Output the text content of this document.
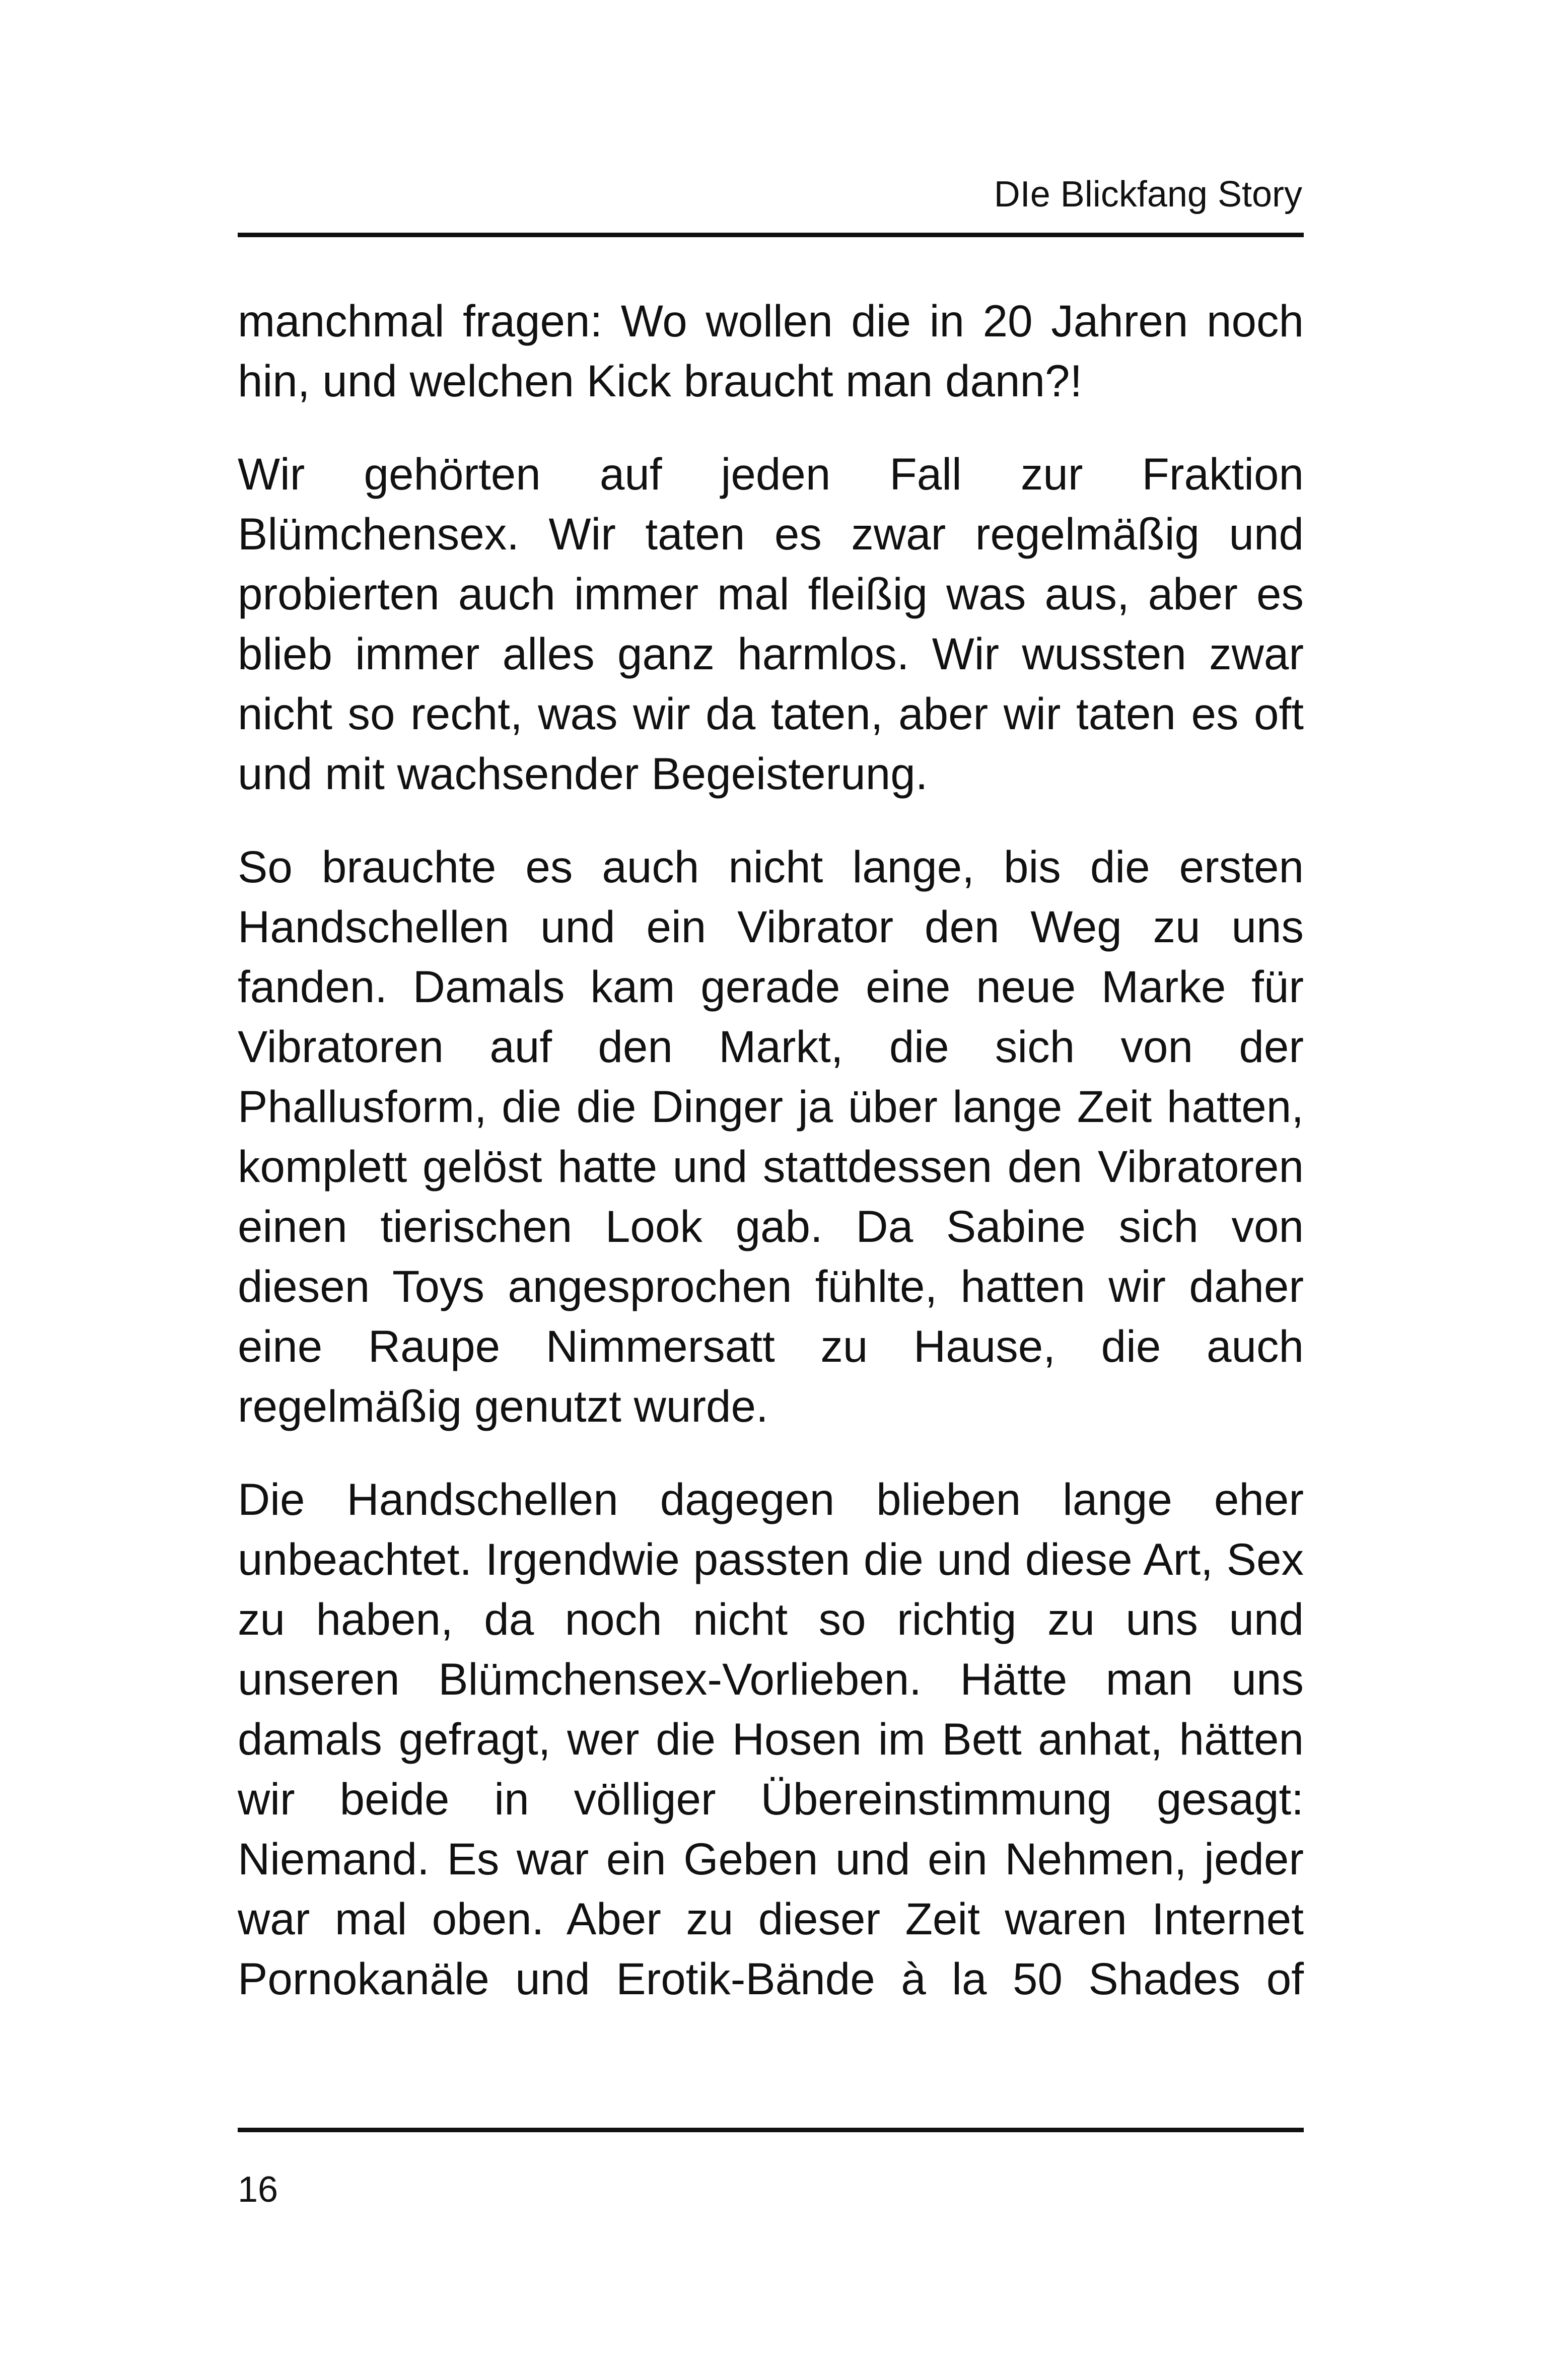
DIe Blickfang Story

manchmal fragen: Wo wollen die in 20 Jahren noch hin, und welchen Kick braucht man dann?!

Wir gehörten auf jeden Fall zur Fraktion Blümchensex. Wir taten es zwar regelmäßig und probierten auch immer mal fleißig was aus, aber es blieb immer alles ganz harmlos. Wir wussten zwar nicht so recht, was wir da taten, aber wir taten es oft und mit wachsender Begeisterung.

So brauchte es auch nicht lange, bis die ersten Handschellen und ein Vibrator den Weg zu uns fanden. Damals kam gerade eine neue Marke für Vibratoren auf den Markt, die sich von der Phallusform, die die Dinger ja über lange Zeit hatten, komplett gelöst hatte und stattdessen den Vibratoren einen tierischen Look gab. Da Sabine sich von diesen Toys angesprochen fühlte, hatten wir daher eine Raupe Nimmersatt zu Hause, die auch regelmäßig genutzt wurde.

Die Handschellen dagegen blieben lange eher unbeachtet. Irgendwie passten die und diese Art, Sex zu haben, da noch nicht so richtig zu uns und unseren Blümchensex-Vorlieben. Hätte man uns damals gefragt, wer die Hosen im Bett anhat, hätten wir beide in völliger Übereinstimmung gesagt: Niemand. Es war ein Geben und ein Nehmen, jeder war mal oben. Aber zu dieser Zeit waren Internet Pornokanäle und Erotik-Bände à la 50 Shades of

16
